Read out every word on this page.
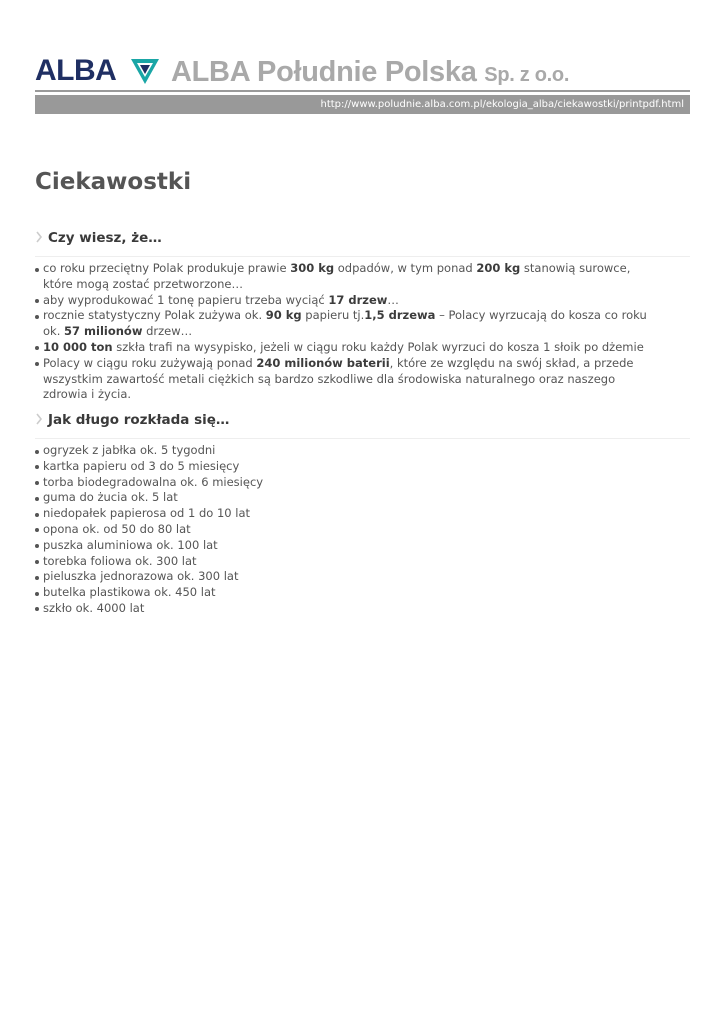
ALBA ALBA Południe Polska Sp. z o.o.
http://www.poludnie.alba.com.pl/ekologia_alba/ciekawostki/printpdf.html
Ciekawostki
Czy wiesz, że…
co roku przeciętny Polak produkuje prawie 300 kg odpadów, w tym ponad 200 kg stanowią surowce, które mogą zostać przetworzone…
aby wyprodukować 1 tonę papieru trzeba wyciąć 17 drzew…
rocznie statystyczny Polak zużywa ok. 90 kg papieru tj.1,5 drzewa – Polacy wyrzucają do kosza co roku ok. 57 milionów drzew…
10 000 ton szkła trafi na wysypisko, jeżeli w ciągu roku każdy Polak wyrzuci do kosza 1 słoik po dżemie
Polacy w ciągu roku zużywają ponad 240 milionów baterii, które ze względu na swój skład, a przede wszystkim zawartość metali ciężkich są bardzo szkodliwe dla środowiska naturalnego oraz naszego zdrowia i życia.
Jak długo rozkłada się…
ogryzek z jabłka ok. 5 tygodni
kartka papieru od 3 do 5 miesięcy
torba biodegradowalna ok. 6 miesięcy
guma do żucia ok. 5 lat
niedopałek papierosa od 1 do 10 lat
opona ok. od 50 do 80 lat
puszka aluminiowa ok. 100 lat
torebka foliowa ok. 300 lat
pieluszka jednorazowa ok. 300 lat
butelka plastikowa ok. 450 lat
szkło ok. 4000 lat
